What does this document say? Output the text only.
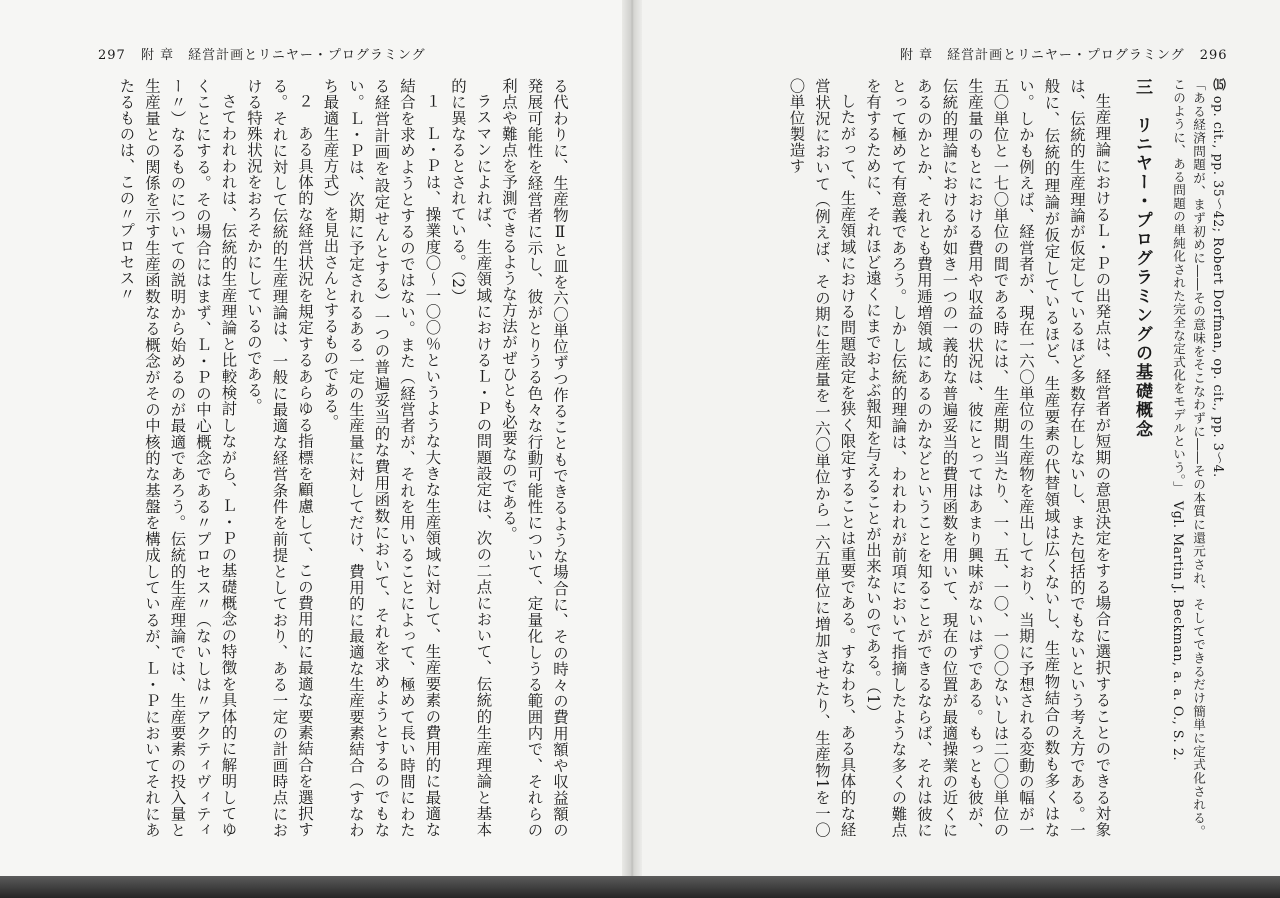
297 附 章　経営計画とリニヤー・プログラミング	附 章　経営計画とリニヤー・プログラミング 296

る代わりに、生産物Ⅱと皿を六〇単位ずつ作ることもできるような場合に、その時々の費用額や収益額の発展可能性を経営者に示し、彼がとりうる色々な行動可能性について、定量化しうる範囲内で、それらの利点や難点を予測できるような方法がぜひとも必要なのである。

ラスマンによれば、生産領域におけるＬ・Ｐの問題設定は、次の二点において、伝統的生産理論と基本的に異なるとされている。（2）

１　Ｌ・Ｐは、操業度〇～一〇〇％というような大きな生産領域に対して、生産要素の費用的に最適な結合を求めようとするのではない。また（経営者が、それを用いることによって、極めて長い時間にわたる経営計画を設定せんとする）一つの普遍妥当的な費用函数において、それを求めようとするのでもない。Ｌ・Ｐは、次期に予定されるある一定の生産量に対してだけ、費用的に最適な生産要素結合（すなわち最適生産方式）を見出さんとするものである。

２　ある具体的な経営状況を規定するあらゆる指標を顧慮して、この費用的に最適な要素結合を選択する。それに対して伝統的生産理論は、一般に最適な経営条件を前提としており、ある一定の計画時点における特殊状況をおろそかにしているのである。

さてわれわれは、伝統的生産理論と比較検討しながら、Ｌ・Ｐの基礎概念の特徴を具体的に解明してゆくことにする。その場合にはまず、Ｌ・Ｐの中心概念である〃プロセス〃（ないしは〃アクティヴィティー〃）なるものについての説明から始めるのが最適であろう。伝統的生産理論では、生産要素の投入量と生産量との関係を示す生産函数なる概念がその中核的な基盤を構成しているが、Ｌ・Ｐにおいてそれにあたるものは、この〃プロセス〃	⒂ op. cit., pp. 35～42; Robert Dorfman, op. cit., pp. 3～4.

「ある経済問題が、まず初めに――その意味をそこなわずに――その本質に還元され、そしてできるだけ簡単に定式化される。このように、ある問題の単純化された完全な定式化をモデルという。」　Vgl. Martin J. Beckman, a. a. O., S. 2.

三　リニヤー・プログラミングの基礎概念

生産理論におけるＬ・Ｐの出発点は、経営者が短期の意思決定をする場合に選択することのできる対象は、伝統的生産理論が仮定しているほど多数存在しないし、また包括的でもないという考え方である。一般に、伝統的理論が仮定しているほど、生産要素の代替領域は広くないし、生産物結合の数も多くはない。しかも例えば、経営者が、現在一六〇単位の生産物を産出しており、当期に予想される変動の幅が一五〇単位と一七〇単位の間である時には、生産期間当たり、一、五、一〇、一〇〇ないしは二〇〇単位の生産量のもとにおける費用や収益の状況は、彼にとってはあまり興味がないはずである。もっとも彼が、伝統的理論におけるが如き一つの一義的な普遍妥当的費用函数を用いて、現在の位置が最適操業の近くにあるのかとか、それとも費用逓増領域にあるのかなどということを知ることができるならば、それは彼にとって極めて有意義であろう。しかし伝統的理論は、われわれが前項において指摘したような多くの難点を有するために、それほど遠くにまでおよぶ報知を与えることが出来ないのである。（1）

したがって、生産領域における問題設定を狭く限定することは重要である。すなわち、ある具体的な経営状況において（例えば、その期に生産量を一六〇単位から一六五単位に増加させたり、生産物1を一〇〇単位製造す
